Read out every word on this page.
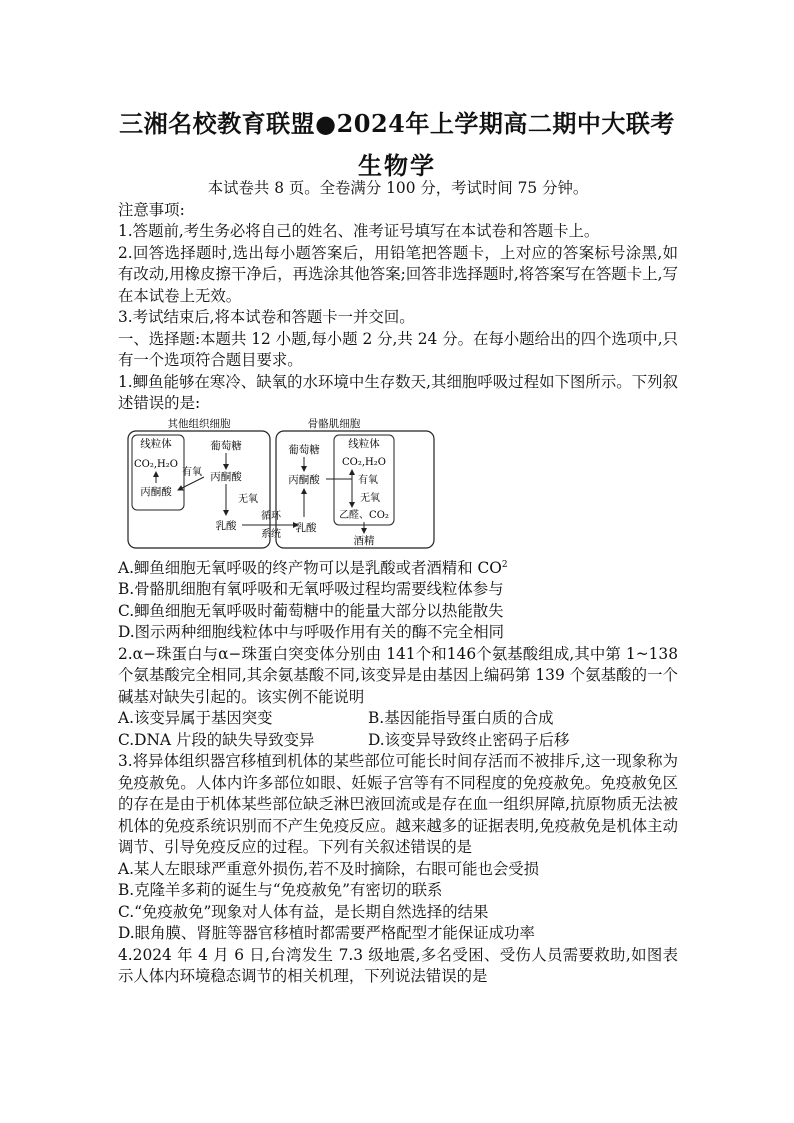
三湘名校教育联盟●2024年上学期高二期中大联考
生物学
本试卷共 8 页。全卷满分 100 分，考试时间 75 分钟。
注意事项:
1.答题前,考生务必将自己的姓名、准考证号填写在本试卷和答题卡上。
2.回答选择题时,选出每小题答案后，用铅笔把答题卡，上对应的答案标号涂黑,如有改动,用橡皮擦干净后，再选涂其他答案;回答非选择题时,将答案写在答题卡上,写在本试卷上无效。
3.考试结束后,将本试卷和答题卡一并交回。
一、选择题:本题共 12 小题,每小题 2 分,共 24 分。在每小题给出的四个选项中,只有一个选项符合题目要求。
1.鲫鱼能够在寒冷、缺氧的水环境中生存数天,其细胞呼吸过程如下图所示。下列叙述错误的是:
其他组织细胞
线粒体
CO₂,H₂O
丙酮酸
葡萄糖
丙酮酸
有氧
无氧
乳酸
循环
系统
骨骼肌细胞
乳酸
葡萄糖
丙酮酸
线粒体
CO₂,H₂O
有氧
无氧
乙醛、CO₂
酒精
A.鲫鱼细胞无氧呼吸的终产物可以是乳酸或者酒精和 $CO^2$
B.骨骼肌细胞有氧呼吸和无氧呼吸过程均需要线粒体参与
C.鲫鱼细胞无氧呼吸时葡萄糖中的能量大部分以热能散失
D.图示两种细胞线粒体中与呼吸作用有关的酶不完全相同
2.α−珠蛋白与α−珠蛋白突变体分别由 141个和146个氨基酸组成,其中第 1~138个氨基酸完全相同,其余氨基酸不同,该变异是由基因上编码第 139 个氨基酸的一个碱基对缺失引起的。该实例不能说明
A.该变异属于基因突变	B.基因能指导蛋白质的合成
C.DNA 片段的缺失导致变异	D.该变异导致终止密码子后移
3.将异体组织器宫移植到机体的某些部位可能长时间存活而不被排斥,这一现象称为免疫赦免。人体内许多部位如眼、妊娠子宫等有不同程度的免疫赦免。免疫赦免区的存在是由于机体某些部位缺乏淋巴液回流或是存在血一组织屏障,抗原物质无法被机体的免疫系统识别而不产生免疫反应。越来越多的证据表明,免疫赦免是机体主动调节、引导免疫反应的过程。下列有关叙述错误的是
A.某人左眼球严重意外损伤,若不及时摘除，右眼可能也会受损
B.克隆羊多莉的诞生与“免疫赦免”有密切的联系
C.“免疫赦免”现象对人体有益，是长期自然选择的结果
D.眼角膜、肾脏等器官移植时都需要严格配型才能保证成功率
4.2024 年 4 月 6 日,台湾发生 7.3 级地震,多名受困、受伤人员需要救助,如图表示人体内环境稳态调节的相关机理，下列说法错误的是
